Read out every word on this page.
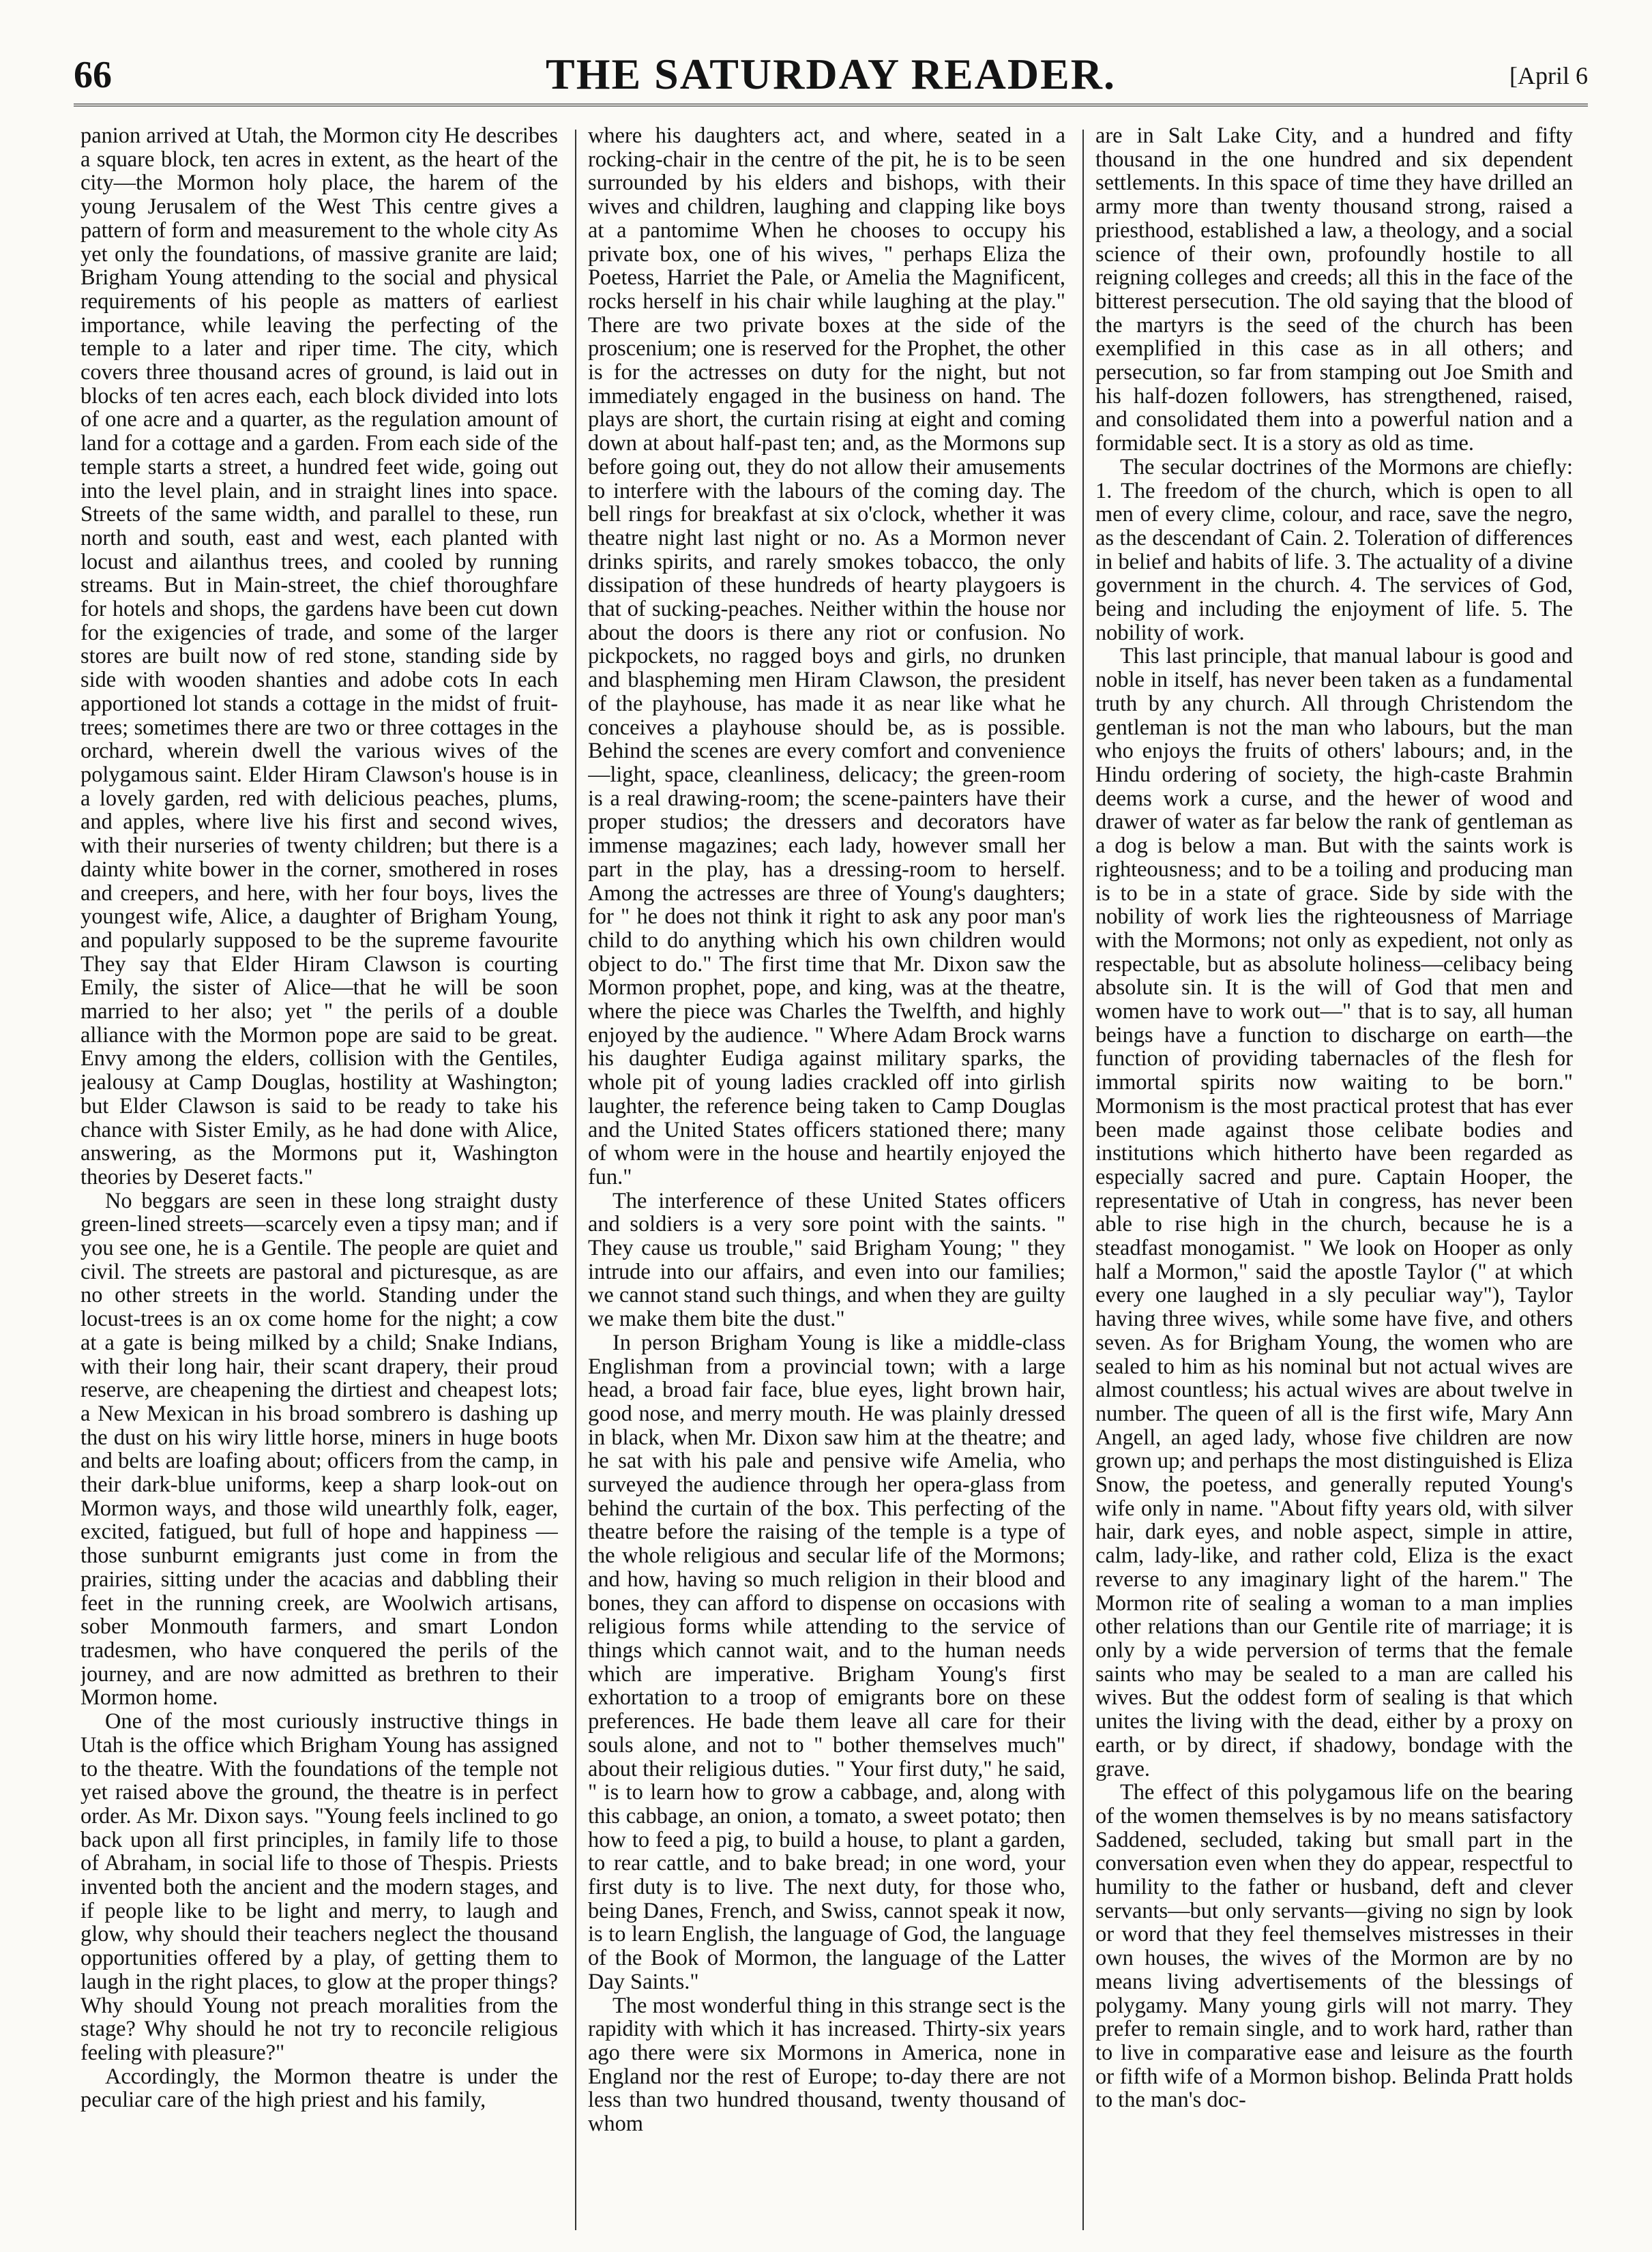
66	THE SATURDAY READER.	[April 6

panion arrived at Utah, the Mormon city He describes a square block, ten acres in extent, as the heart of the city—the Mormon holy place, the harem of the young Jerusalem of the West This centre gives a pattern of form and measurement to the whole city As yet only the foundations, of massive granite are laid; Brigham Young attending to the social and physical requirements of his people as matters of earliest importance, while leaving the perfecting of the temple to a later and riper time. The city, which covers three thousand acres of ground, is laid out in blocks of ten acres each, each block divided into lots of one acre and a quarter, as the regulation amount of land for a cottage and a garden. From each side of the temple starts a street, a hundred feet wide, going out into the level plain, and in straight lines into space. Streets of the same width, and parallel to these, run north and south, east and west, each planted with locust and ailanthus trees, and cooled by running streams. But in Main-street, the chief thoroughfare for hotels and shops, the gardens have been cut down for the exigencies of trade, and some of the larger stores are built now of red stone, standing side by side with wooden shanties and adobe cots In each apportioned lot stands a cottage in the midst of fruit-trees; sometimes there are two or three cottages in the orchard, wherein dwell the various wives of the polygamous saint. Elder Hiram Clawson's house is in a lovely garden, red with delicious peaches, plums, and apples, where live his first and second wives, with their nurseries of twenty children; but there is a dainty white bower in the corner, smothered in roses and creepers, and here, with her four boys, lives the youngest wife, Alice, a daughter of Brigham Young, and popularly supposed to be the supreme favourite They say that Elder Hiram Clawson is courting Emily, the sister of Alice—that he will be soon married to her also; yet " the perils of a double alliance with the Mormon pope are said to be great. Envy among the elders, collision with the Gentiles, jealousy at Camp Douglas, hostility at Washington; but Elder Clawson is said to be ready to take his chance with Sister Emily, as he had done with Alice, answering, as the Mormons put it, Washington theories by Deseret facts."

No beggars are seen in these long straight dusty green-lined streets—scarcely even a tipsy man; and if you see one, he is a Gentile. The people are quiet and civil. The streets are pastoral and picturesque, as are no other streets in the world. Standing under the locust-trees is an ox come home for the night; a cow at a gate is being milked by a child; Snake Indians, with their long hair, their scant drapery, their proud reserve, are cheapening the dirtiest and cheapest lots; a New Mexican in his broad sombrero is dashing up the dust on his wiry little horse, miners in huge boots and belts are loafing about; officers from the camp, in their dark-blue uniforms, keep a sharp look-out on Mormon ways, and those wild unearthly folk, eager, excited, fatigued, but full of hope and happiness —those sunburnt emigrants just come in from the prairies, sitting under the acacias and dabbling their feet in the running creek, are Woolwich artisans, sober Monmouth farmers, and smart London tradesmen, who have conquered the perils of the journey, and are now admitted as brethren to their Mormon home.

One of the most curiously instructive things in Utah is the office which Brigham Young has assigned to the theatre. With the foundations of the temple not yet raised above the ground, the theatre is in perfect order. As Mr. Dixon says. "Young feels inclined to go back upon all first principles, in family life to those of Abraham, in social life to those of Thespis. Priests invented both the ancient and the modern stages, and if people like to be light and merry, to laugh and glow, why should their teachers neglect the thousand opportunities offered by a play, of getting them to laugh in the right places, to glow at the proper things? Why should Young not preach moralities from the stage? Why should he not try to reconcile religious feeling with pleasure?"

Accordingly, the Mormon theatre is under the peculiar care of the high priest and his family,

where his daughters act, and where, seated in a rocking-chair in the centre of the pit, he is to be seen surrounded by his elders and bishops, with their wives and children, laughing and clapping like boys at a pantomime When he chooses to occupy his private box, one of his wives, " perhaps Eliza the Poetess, Harriet the Pale, or Amelia the Magnificent, rocks herself in his chair while laughing at the play." There are two private boxes at the side of the proscenium; one is reserved for the Prophet, the other is for the actresses on duty for the night, but not immediately engaged in the business on hand. The plays are short, the curtain rising at eight and coming down at about half-past ten; and, as the Mormons sup before going out, they do not allow their amusements to interfere with the labours of the coming day. The bell rings for breakfast at six o'clock, whether it was theatre night last night or no. As a Mormon never drinks spirits, and rarely smokes tobacco, the only dissipation of these hundreds of hearty playgoers is that of sucking-peaches. Neither within the house nor about the doors is there any riot or confusion. No pickpockets, no ragged boys and girls, no drunken and blaspheming men Hiram Clawson, the president of the playhouse, has made it as near like what he conceives a playhouse should be, as is possible. Behind the scenes are every comfort and convenience—light, space, cleanliness, delicacy; the green-room is a real drawing-room; the scene-painters have their proper studios; the dressers and decorators have immense magazines; each lady, however small her part in the play, has a dressing-room to herself. Among the actresses are three of Young's daughters; for " he does not think it right to ask any poor man's child to do anything which his own children would object to do." The first time that Mr. Dixon saw the Mormon prophet, pope, and king, was at the theatre, where the piece was Charles the Twelfth, and highly enjoyed by the audience. " Where Adam Brock warns his daughter Eudiga against military sparks, the whole pit of young ladies crackled off into girlish laughter, the reference being taken to Camp Douglas and the United States officers stationed there; many of whom were in the house and heartily enjoyed the fun."

The interference of these United States officers and soldiers is a very sore point with the saints. " They cause us trouble," said Brigham Young; " they intrude into our affairs, and even into our families; we cannot stand such things, and when they are guilty we make them bite the dust."

In person Brigham Young is like a middle-class Englishman from a provincial town; with a large head, a broad fair face, blue eyes, light brown hair, good nose, and merry mouth. He was plainly dressed in black, when Mr. Dixon saw him at the theatre; and he sat with his pale and pensive wife Amelia, who surveyed the audience through her opera-glass from behind the curtain of the box. This perfecting of the theatre before the raising of the temple is a type of the whole religious and secular life of the Mormons; and how, having so much religion in their blood and bones, they can afford to dispense on occasions with religious forms while attending to the service of things which cannot wait, and to the human needs which are imperative. Brigham Young's first exhortation to a troop of emigrants bore on these preferences. He bade them leave all care for their souls alone, and not to " bother themselves much" about their religious duties. " Your first duty," he said, " is to learn how to grow a cabbage, and, along with this cabbage, an onion, a tomato, a sweet potato; then how to feed a pig, to build a house, to plant a garden, to rear cattle, and to bake bread; in one word, your first duty is to live. The next duty, for those who, being Danes, French, and Swiss, cannot speak it now, is to learn English, the language of God, the language of the Book of Mormon, the language of the Latter Day Saints."

The most wonderful thing in this strange sect is the rapidity with which it has increased. Thirty-six years ago there were six Mormons in America, none in England nor the rest of Europe; to-day there are not less than two hundred thousand, twenty thousand of whom

are in Salt Lake City, and a hundred and fifty thousand in the one hundred and six dependent settlements. In this space of time they have drilled an army more than twenty thousand strong, raised a priesthood, established a law, a theology, and a social science of their own, profoundly hostile to all reigning colleges and creeds; all this in the face of the bitterest persecution. The old saying that the blood of the martyrs is the seed of the church has been exemplified in this case as in all others; and persecution, so far from stamping out Joe Smith and his half-dozen followers, has strengthened, raised, and consolidated them into a powerful nation and a formidable sect. It is a story as old as time.

The secular doctrines of the Mormons are chiefly: 1. The freedom of the church, which is open to all men of every clime, colour, and race, save the negro, as the descendant of Cain. 2. Toleration of differences in belief and habits of life. 3. The actuality of a divine government in the church. 4. The services of God, being and including the enjoyment of life. 5. The nobility of work.

This last principle, that manual labour is good and noble in itself, has never been taken as a fundamental truth by any church. All through Christendom the gentleman is not the man who labours, but the man who enjoys the fruits of others' labours; and, in the Hindu ordering of society, the high-caste Brahmin deems work a curse, and the hewer of wood and drawer of water as far below the rank of gentleman as a dog is below a man. But with the saints work is righteousness; and to be a toiling and producing man is to be in a state of grace. Side by side with the nobility of work lies the righteousness of Marriage with the Mormons; not only as expedient, not only as respectable, but as absolute holiness—celibacy being absolute sin. It is the will of God that men and women have to work out—" that is to say, all human beings have a function to discharge on earth—the function of providing tabernacles of the flesh for immortal spirits now waiting to be born." Mormonism is the most practical protest that has ever been made against those celibate bodies and institutions which hitherto have been regarded as especially sacred and pure. Captain Hooper, the representative of Utah in congress, has never been able to rise high in the church, because he is a steadfast monogamist. " We look on Hooper as only half a Mormon," said the apostle Taylor (" at which every one laughed in a sly peculiar way"), Taylor having three wives, while some have five, and others seven. As for Brigham Young, the women who are sealed to him as his nominal but not actual wives are almost countless; his actual wives are about twelve in number. The queen of all is the first wife, Mary Ann Angell, an aged lady, whose five children are now grown up; and perhaps the most distinguished is Eliza Snow, the poetess, and generally reputed Young's wife only in name. "About fifty years old, with silver hair, dark eyes, and noble aspect, simple in attire, calm, lady-like, and rather cold, Eliza is the exact reverse to any imaginary light of the harem." The Mormon rite of sealing a woman to a man implies other relations than our Gentile rite of marriage; it is only by a wide perversion of terms that the female saints who may be sealed to a man are called his wives. But the oddest form of sealing is that which unites the living with the dead, either by a proxy on earth, or by direct, if shadowy, bondage with the grave.

The effect of this polygamous life on the bearing of the women themselves is by no means satisfactory Saddened, secluded, taking but small part in the conversation even when they do appear, respectful to humility to the father or husband, deft and clever servants—but only servants—giving no sign by look or word that they feel themselves mistresses in their own houses, the wives of the Mormon are by no means living advertisements of the blessings of polygamy. Many young girls will not marry. They prefer to remain single, and to work hard, rather than to live in comparative ease and leisure as the fourth or fifth wife of a Mormon bishop. Belinda Pratt holds to the man's doc-
